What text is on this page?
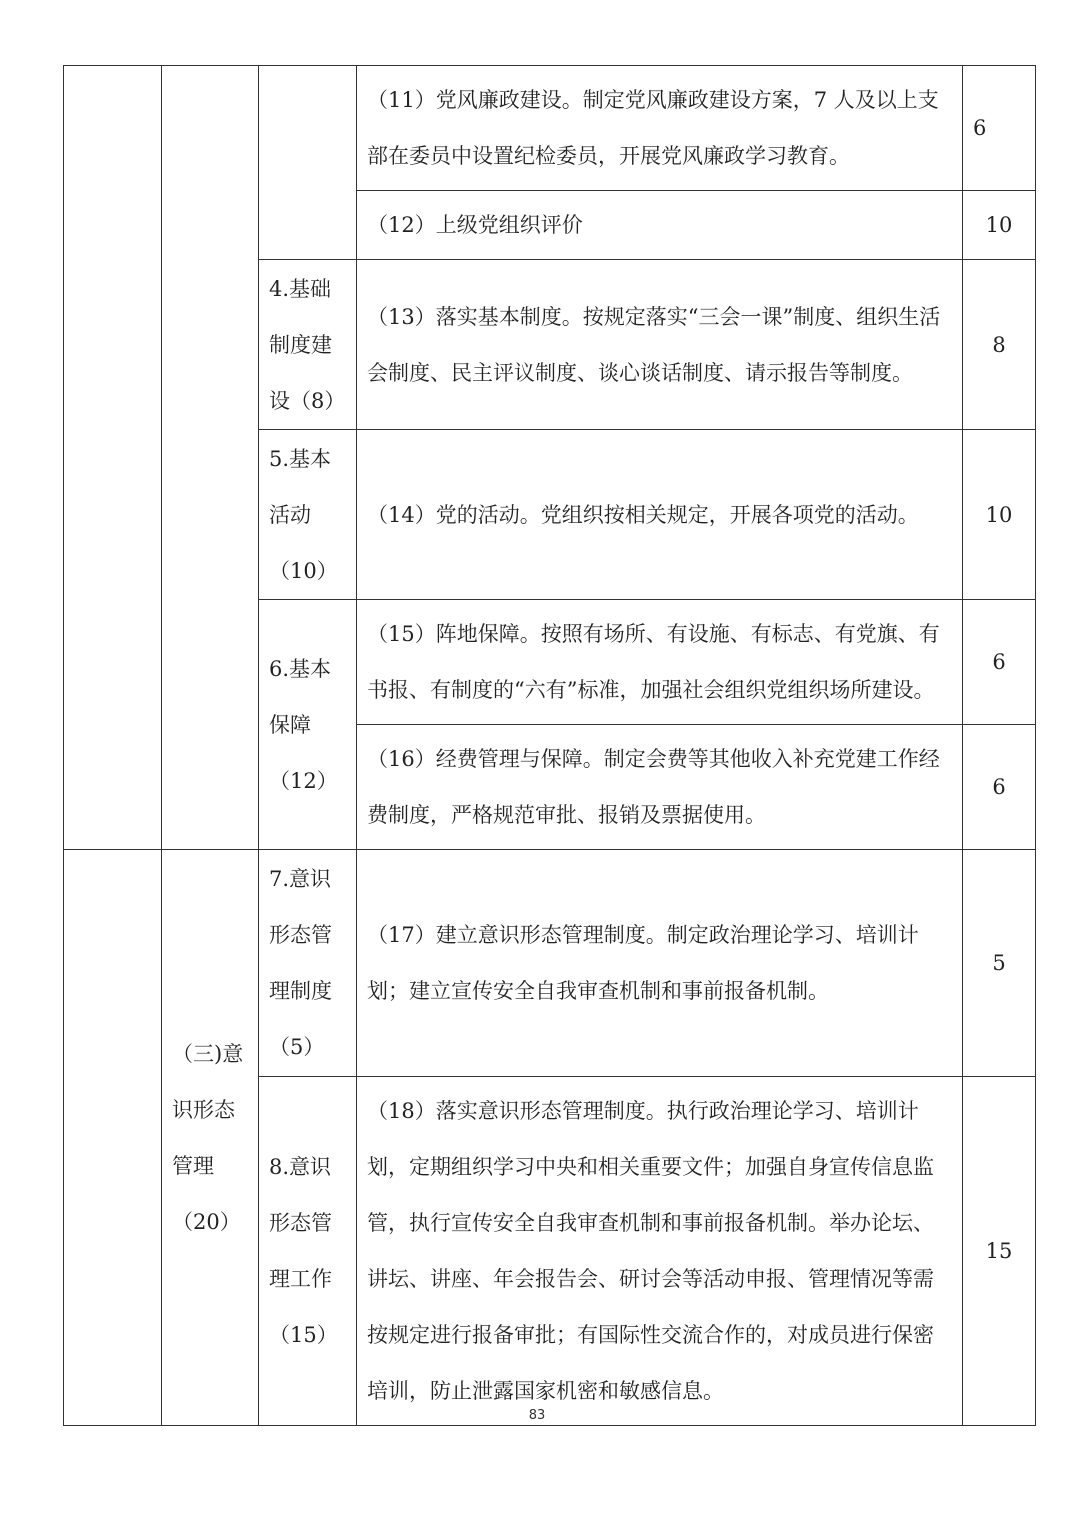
			（11）党风廉政建设。制定党风廉政建设方案，7 人及以上支部在委员中设置纪检委员，开展党风廉政学习教育。	6
			（12）上级党组织评价	10
		4.基础制度建设（8）	（13）落实基本制度。按规定落实“三会一课”制度、组织生活会制度、民主评议制度、谈心谈话制度、请示报告等制度。	8
		5.基本活动（10）	（14）党的活动。党组织按相关规定，开展各项党的活动。	10
		6.基本保障（12）	（15）阵地保障。按照有场所、有设施、有标志、有党旗、有书报、有制度的“六有”标准，加强社会组织党组织场所建设。	6
			（16）经费管理与保障。制定会费等其他收入补充党建工作经费制度，严格规范审批、报销及票据使用。	6

	（三)意识形态管理（20）	7.意识形态管理制度（5）	（17）建立意识形态管理制度。制定政治理论学习、培训计划；建立宣传安全自我审查机制和事前报备机制。	5
		8.意识形态管理工作（15）	（18）落实意识形态管理制度。执行政治理论学习、培训计划，定期组织学习中央和相关重要文件；加强自身宣传信息监管，执行宣传安全自我审查机制和事前报备机制。举办论坛、讲坛、讲座、年会报告会、研讨会等活动申报、管理情况等需按规定进行报备审批；有国际性交流合作的，对成员进行保密培训，防止泄露国家机密和敏感信息。	15
83
